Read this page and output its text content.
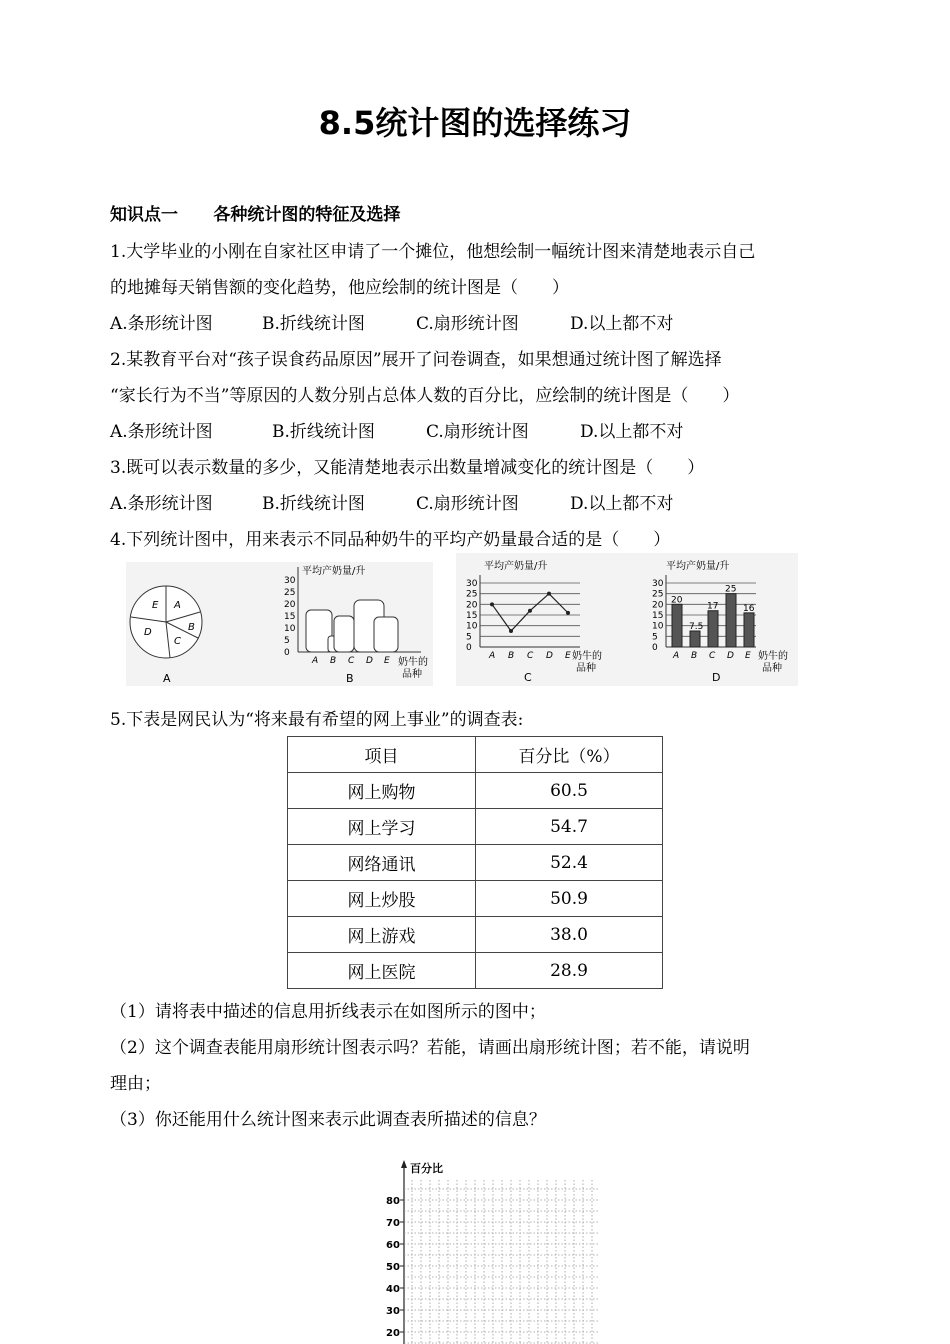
8.5统计图的选择练习
知识点一 各种统计图的特征及选择
1.大学毕业的小刚在自家社区申请了一个摊位，他想绘制一幅统计图来清楚地表示自己
的地摊每天销售额的变化趋势，他应绘制的统计图是（　　）
A.条形统计图	B.折线统计图	C.扇形统计图	D.以上都不对
2.某教育平台对“孩子误食药品原因”展开了问卷调查，如果想通过统计图了解选择
“家长行为不当”等原因的人数分别占总体人数的百分比，应绘制的统计图是（　　）
A.条形统计图	B.折线统计图	C.扇形统计图	D.以上都不对
3.既可以表示数量的多少，又能清楚地表示出数量增减变化的统计图是（　　）
A.条形统计图	B.折线统计图	C.扇形统计图	D.以上都不对
4.下列统计图中，用来表示不同品种奶牛的平均产奶量最合适的是（　　）
E A
B
C
D
A
平均产奶量/升
0
5
10
15
20
25
30
A B C D E 奶牛的
品种
B
平均产奶量/升
0
5
10
15
20
25
30
A B C D E 奶牛的
品种
C
平均产奶量/升
0
5
10
15
20
25
30
20
7.5
17
25
16
A B C D E 奶牛的
品种
D
5.下表是网民认为“将来最有希望的网上事业”的调查表:
项目	百分比（%）
网上购物	60.5
网上学习	54.7
网络通讯	52.4
网上炒股	50.9
网上游戏	38.0
网上医院	28.9
（1）请将表中描述的信息用折线表示在如图所示的图中；
（2）这个调查表能用扇形统计图表示吗？若能，请画出扇形统计图；若不能，请说明
理由；
（3）你还能用什么统计图来表示此调查表所描述的信息？
百分比
80
70
60
50
40
30
20
